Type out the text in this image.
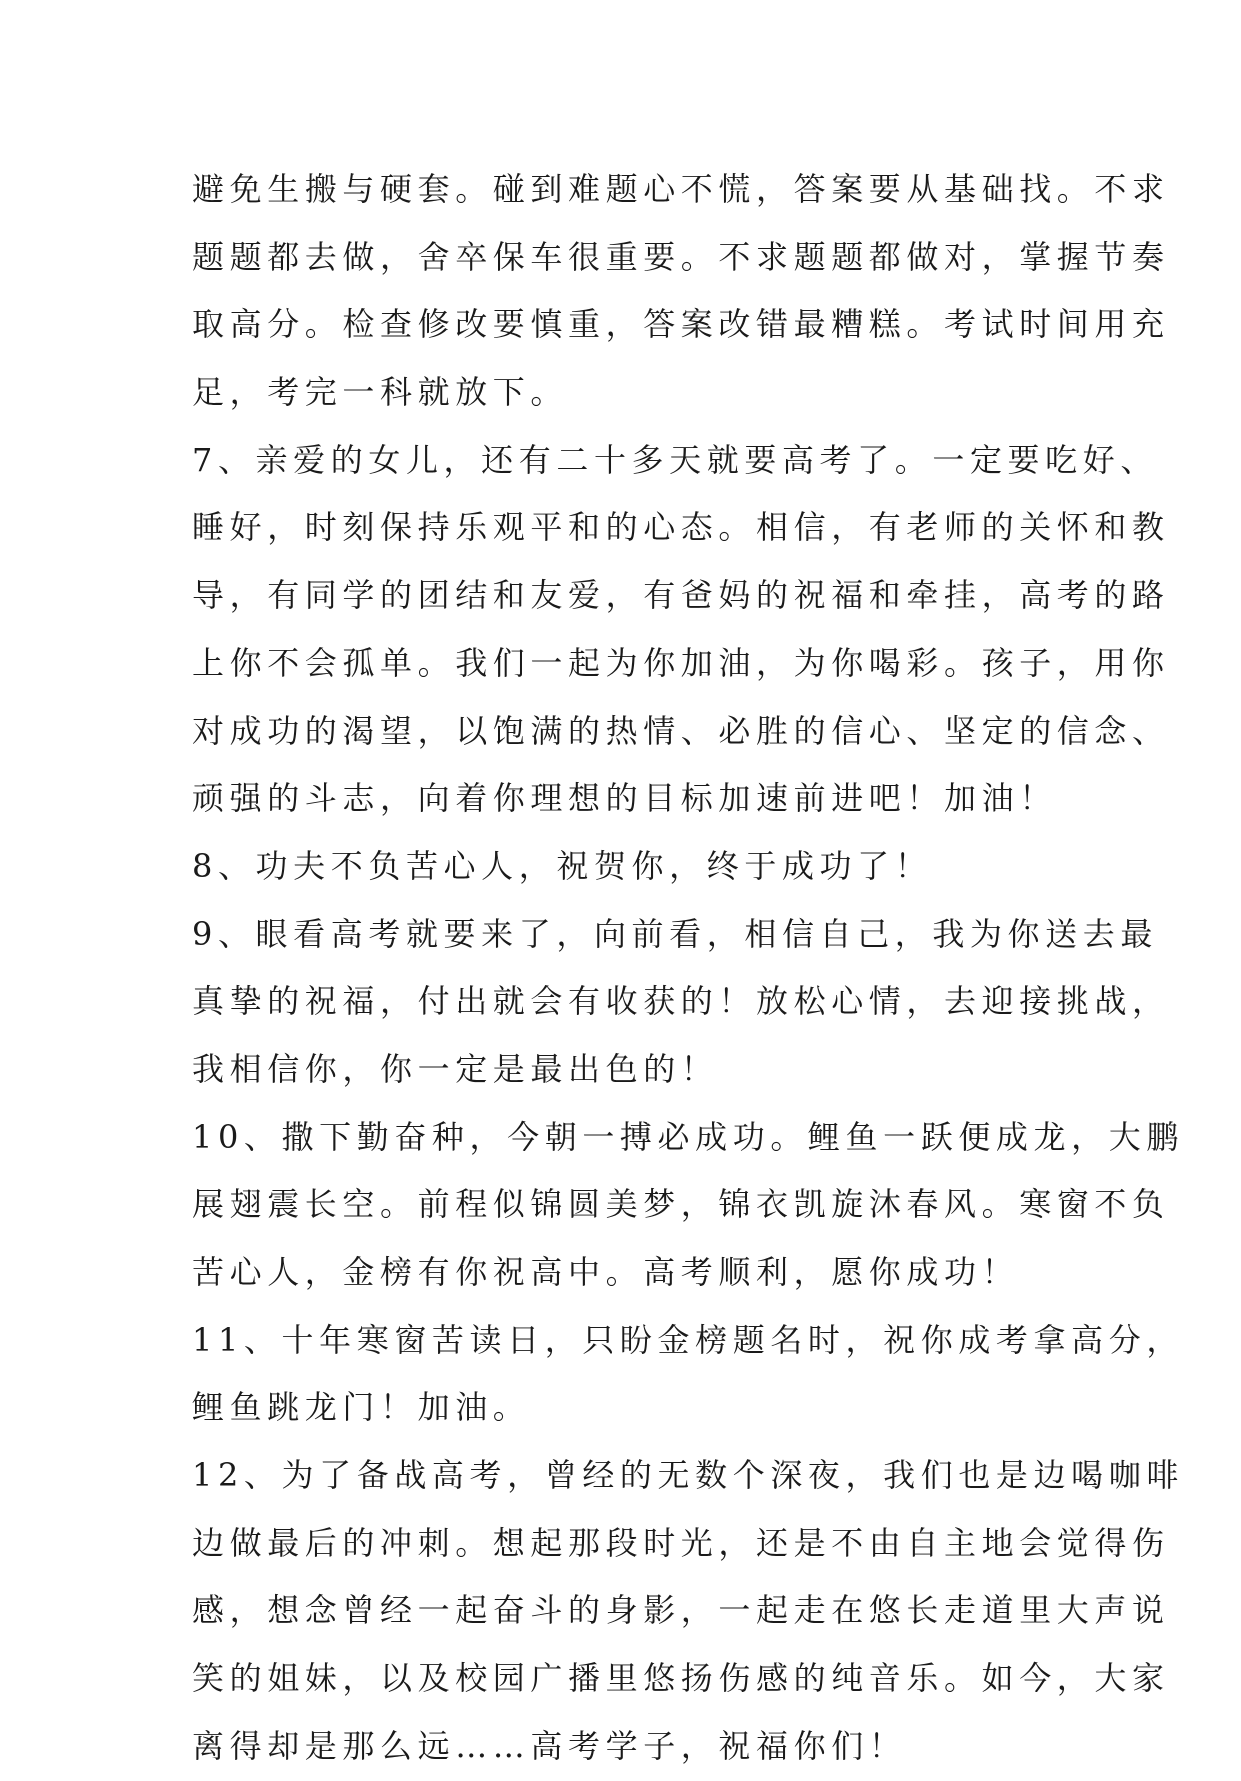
避免生搬与硬套。碰到难题心不慌，答案要从基础找。不求
题题都去做，舍卒保车很重要。不求题题都做对，掌握节奏
取高分。检查修改要慎重，答案改错最糟糕。考试时间用充
足，考完一科就放下。
7、亲爱的女儿，还有二十多天就要高考了。一定要吃好、
睡好，时刻保持乐观平和的心态。相信，有老师的关怀和教
导，有同学的团结和友爱，有爸妈的祝福和牵挂，高考的路
上你不会孤单。我们一起为你加油，为你喝彩。孩子，用你
对成功的渴望，以饱满的热情、必胜的信心、坚定的信念、
顽强的斗志，向着你理想的目标加速前进吧！加油！
8、功夫不负苦心人，祝贺你，终于成功了！
9、眼看高考就要来了，向前看，相信自己，我为你送去最
真挚的祝福，付出就会有收获的！放松心情，去迎接挑战，
我相信你，你一定是最出色的！
10、撒下勤奋种，今朝一搏必成功。鲤鱼一跃便成龙，大鹏
展翅震长空。前程似锦圆美梦，锦衣凯旋沐春风。寒窗不负
苦心人，金榜有你祝高中。高考顺利，愿你成功！
11、十年寒窗苦读日，只盼金榜题名时，祝你成考拿高分，
鲤鱼跳龙门！加油。
12、为了备战高考，曾经的无数个深夜，我们也是边喝咖啡
边做最后的冲刺。想起那段时光，还是不由自主地会觉得伤
感，想念曾经一起奋斗的身影，一起走在悠长走道里大声说
笑的姐妹，以及校园广播里悠扬伤感的纯音乐。如今，大家
离得却是那么远……高考学子，祝福你们！
